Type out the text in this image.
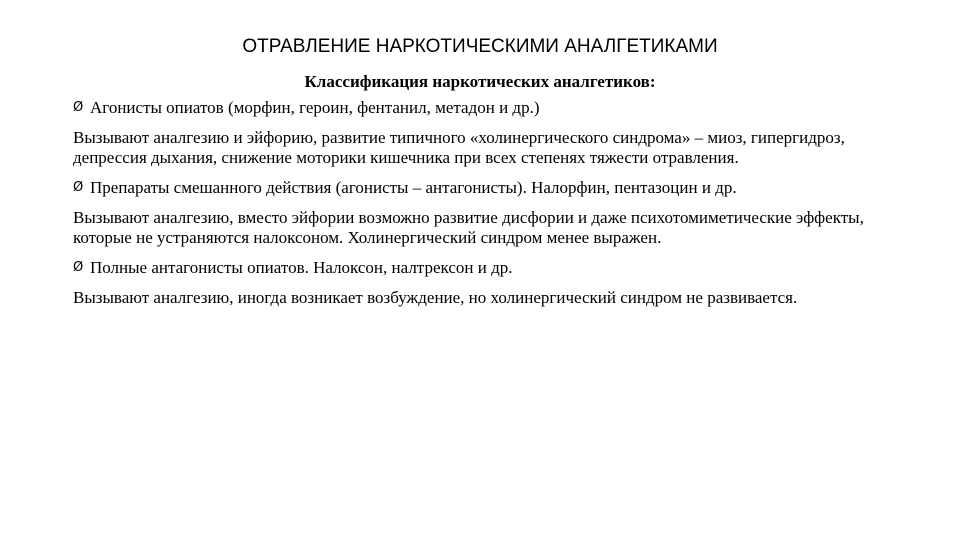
ОТРАВЛЕНИЕ НАРКОТИЧЕСКИМИ АНАЛГЕТИКАМИ
Классификация наркотических аналгетиков:
Ø Агонисты опиатов (морфин, героин, фентанил, метадон и др.)
Вызывают аналгезию и эйфорию, развитие типичного «холинергического синдрома» – миоз, гипергидроз, депрессия дыхания, снижение моторики кишечника при всех степенях тяжести отравления.
Ø Препараты смешанного действия (агонисты – антагонисты). Налорфин, пентазоцин и др.
Вызывают аналгезию, вместо эйфории возможно развитие дисфории и даже психотомиметические эффекты, которые не устраняются налоксоном. Холинергический синдром менее выражен.
Ø Полные антагонисты опиатов. Налоксон, налтрексон и др.
Вызывают аналгезию, иногда возникает возбуждение, но холинергический синдром не развивается.
